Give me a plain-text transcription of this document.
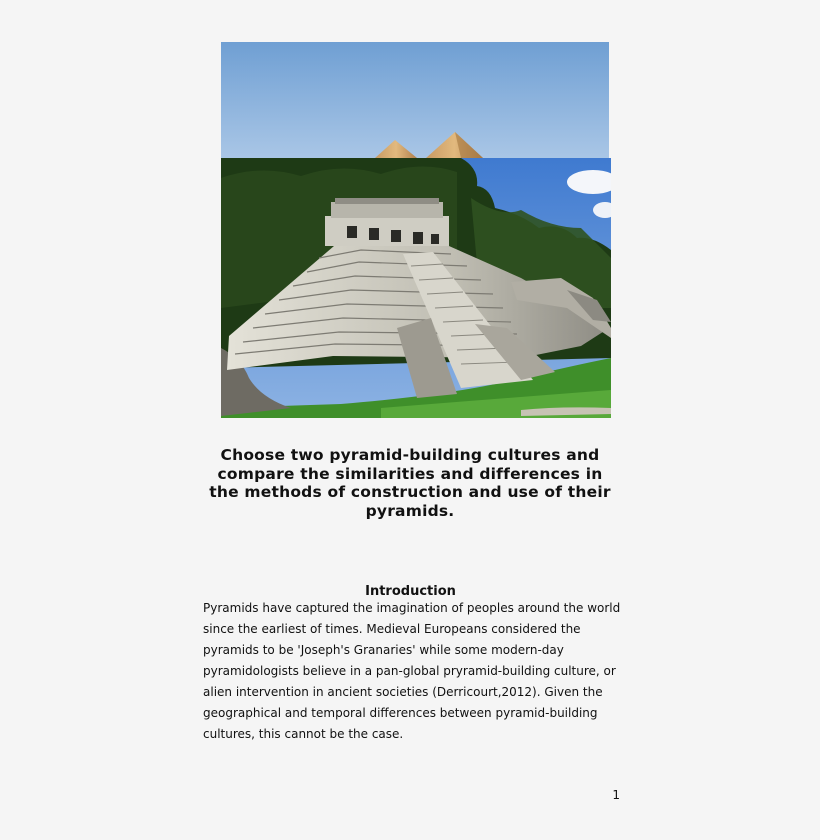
Choose two pyramid-building cultures and compare the similarities and differences in the methods of construction and use of their pyramids.
Introduction
Pyramids have captured the imagination of peoples around the world since the earliest of times. Medieval Europeans considered the pyramids to be 'Joseph's Granaries' while some modern-day pyramidologists believe in a pan-global pryramid-building culture, or alien intervention in ancient societies (Derricourt,2012). Given the geographical and temporal differences between pyramid-building cultures, this cannot be the case.
1
